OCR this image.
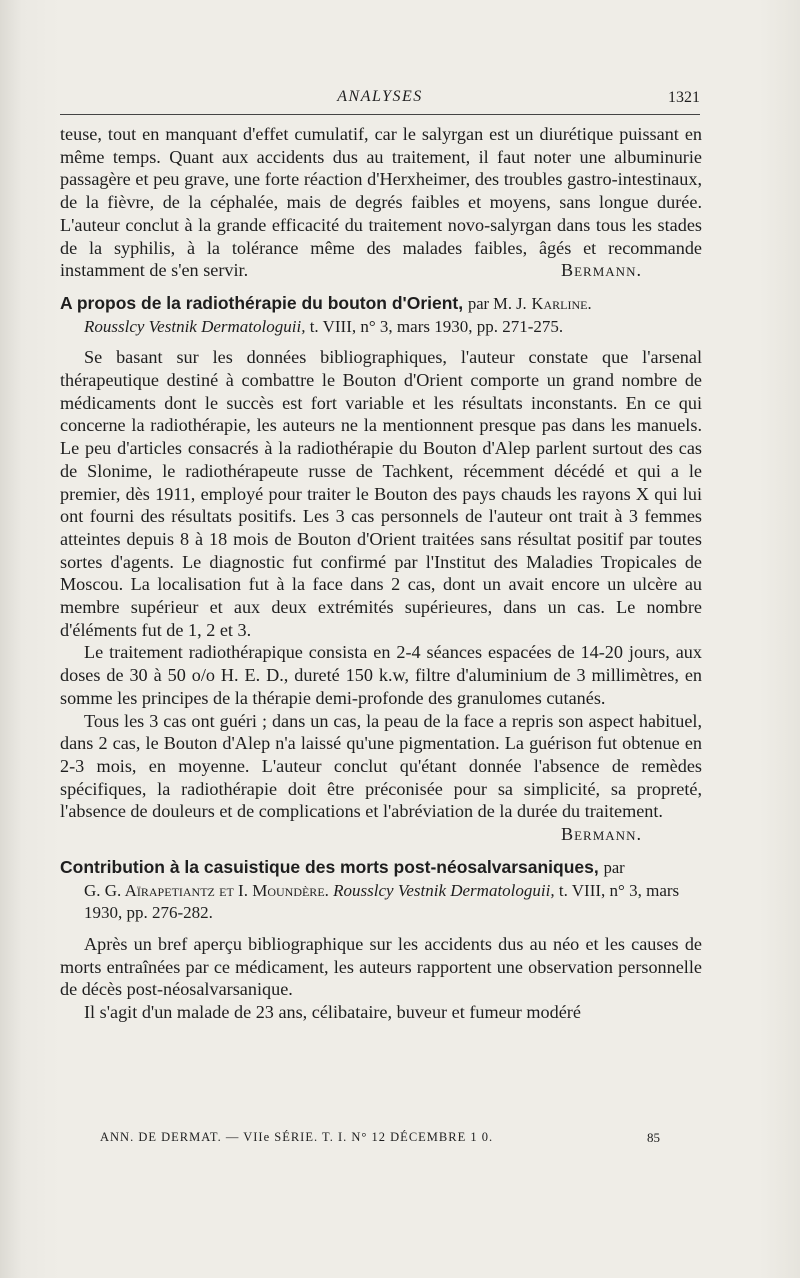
ANALYSES	1321

teuse, tout en manquant d'effet cumulatif, car le salyrgan est un diurétique puissant en même temps. Quant aux accidents dus au traitement, il faut noter une albuminurie passagère et peu grave, une forte réaction d'Herxheimer, des troubles gastro-intestinaux, de la fièvre, de la céphalée, mais de degrés faibles et moyens, sans longue durée. L'auteur conclut à la grande efficacité du traitement novo-salyrgan dans tous les stades de la syphilis, à la tolérance même des malades faibles, âgés et recommande instamment de s'en servir.	Bermann.

A propos de la radiothérapie du bouton d'Orient, par M. J. Karline.
Rousslcy Vestnik Dermatologuii, t. VIII, n° 3, mars 1930, pp. 271-275.

Se basant sur les données bibliographiques, l'auteur constate que l'arsenal thérapeutique destiné à combattre le Bouton d'Orient comporte un grand nombre de médicaments dont le succès est fort variable et les résultats inconstants. En ce qui concerne la radiothérapie, les auteurs ne la mentionnent presque pas dans les manuels. Le peu d'articles consacrés à la radiothérapie du Bouton d'Alep parlent surtout des cas de Slonime, le radiothérapeute russe de Tachkent, récemment décédé et qui a le premier, dès 1911, employé pour traiter le Bouton des pays chauds les rayons X qui lui ont fourni des résultats positifs. Les 3 cas personnels de l'auteur ont trait à 3 femmes atteintes depuis 8 à 18 mois de Bouton d'Orient traitées sans résultat positif par toutes sortes d'agents. Le diagnostic fut confirmé par l'Institut des Maladies Tropicales de Moscou. La localisation fut à la face dans 2 cas, dont un avait encore un ulcère au membre supérieur et aux deux extrémités supérieures, dans un cas. Le nombre d'éléments fut de 1, 2 et 3.

Le traitement radiothérapique consista en 2-4 séances espacées de 14-20 jours, aux doses de 30 à 50 o/o H. E. D., dureté 150 k.w, filtre d'aluminium de 3 millimètres, en somme les principes de la thérapie demi-profonde des granulomes cutanés.

Tous les 3 cas ont guéri ; dans un cas, la peau de la face a repris son aspect habituel, dans 2 cas, le Bouton d'Alep n'a laissé qu'une pigmentation. La guérison fut obtenue en 2-3 mois, en moyenne. L'auteur conclut qu'étant donnée l'absence de remèdes spécifiques, la radiothérapie doit être préconisée pour sa simplicité, sa propreté, l'absence de douleurs et de complications et l'abréviation de la durée du traitement.
Bermann.

Contribution à la casuistique des morts post-néosalvarsaniques, par
G. G. Aïrapetiantz et I. Moundère. Rousslcy Vestnik Dermatologuii, t. VIII, n° 3, mars 1930, pp. 276-282.

Après un bref aperçu bibliographique sur les accidents dus au néo et les causes de morts entraînées par ce médicament, les auteurs rapportent une observation personnelle de décès post-néosalvarsanique.

Il s'agit d'un malade de 23 ans, célibataire, buveur et fumeur modéré

ANN. DE DERMAT. — VIIe SÉRIE. T. I. N° 12 DÉCEMBRE 1 0.	85
